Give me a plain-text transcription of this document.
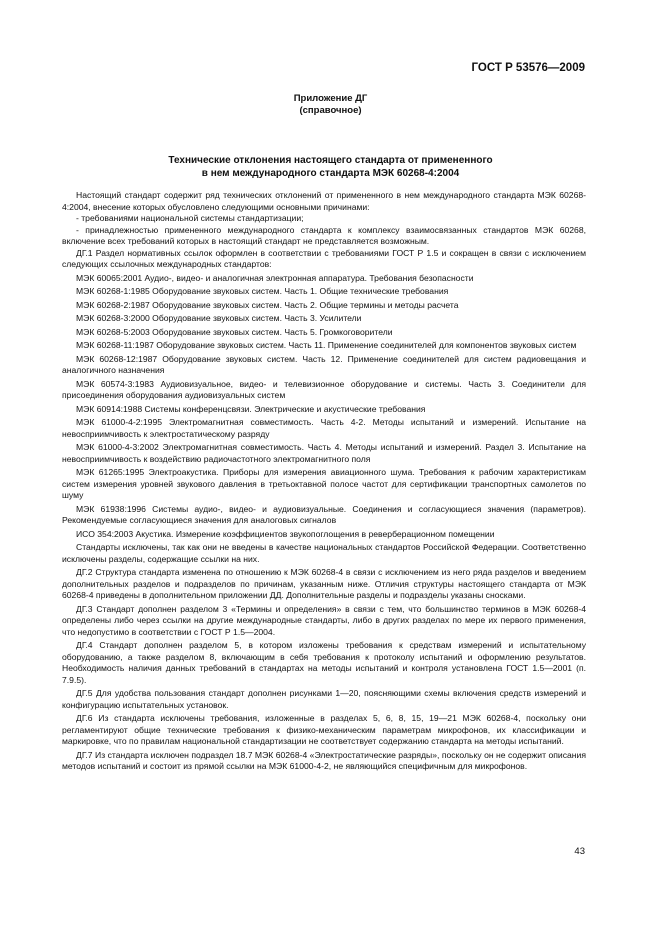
ГОСТ Р 53576—2009
Приложение ДГ
(справочное)
Технические отклонения настоящего стандарта от примененного
в нем международного стандарта МЭК 60268-4:2004

Настоящий стандарт содержит ряд технических отклонений от примененного в нем международного стандарта МЭК 60268-4:2004, внесение которых обусловлено следующими основными причинами:

- требованиями национальной системы стандартизации;

- принадлежностью примененного международного стандарта к комплексу взаимосвязанных стандартов МЭК 60268, включение всех требований которых в настоящий стандарт не представляется возможным.

ДГ.1 Раздел нормативных ссылок оформлен в соответствии с требованиями ГОСТ Р 1.5 и сокращен в связи с исключением следующих ссылочных международных стандартов:

МЭК 60065:2001 Аудио-, видео- и аналогичная электронная аппаратура. Требования безопасности

МЭК 60268-1:1985 Оборудование звуковых систем. Часть 1. Общие технические требования

МЭК 60268-2:1987 Оборудование звуковых систем. Часть 2. Общие термины и методы расчета

МЭК 60268-3:2000 Оборудование звуковых систем. Часть 3. Усилители

МЭК 60268-5:2003 Оборудование звуковых систем. Часть 5. Громкоговорители

МЭК 60268-11:1987 Оборудование звуковых систем. Часть 11. Применение соединителей для компонентов звуковых систем

МЭК 60268-12:1987 Оборудование звуковых систем. Часть 12. Применение соединителей для систем радиовещания и аналогичного назначения

МЭК 60574-3:1983 Аудиовизуальное, видео- и телевизионное оборудование и системы. Часть 3. Соединители для присоединения оборудования аудиовизуальных систем

МЭК 60914:1988 Системы конференцсвязи. Электрические и акустические требования

МЭК 61000-4-2:1995 Электромагнитная совместимость. Часть 4-2. Методы испытаний и измерений. Испытание на невосприимчивость к электростатическому разряду

МЭК 61000-4-3:2002 Электромагнитная совместимость. Часть 4. Методы испытаний и измерений. Раздел 3. Испытание на невосприимчивость к воздействию радиочастотного электромагнитного поля

МЭК 61265:1995 Электроакустика. Приборы для измерения авиационного шума. Требования к рабочим характеристикам систем измерения уровней звукового давления в третьоктавной полосе частот для сертификации транспортных самолетов по шуму

МЭК 61938:1996 Системы аудио-, видео- и аудиовизуальные. Соединения и согласующиеся значения (параметров). Рекомендуемые согласующиеся значения для аналоговых сигналов

ИСО 354:2003 Акустика. Измерение коэффициентов звукопоглощения в реверберационном помещении

Стандарты исключены, так как они не введены в качестве национальных стандартов Российской Федерации. Соответственно исключены разделы, содержащие ссылки на них.

ДГ.2 Структура стандарта изменена по отношению к МЭК 60268-4 в связи с исключением из него ряда разделов и введением дополнительных разделов и подразделов по причинам, указанным ниже. Отличия структуры настоящего стандарта от МЭК 60268-4 приведены в дополнительном приложении ДД. Дополнительные разделы и подразделы указаны сносками.

ДГ.3 Стандарт дополнен разделом 3 «Термины и определения» в связи с тем, что большинство терминов в МЭК 60268-4 определены либо через ссылки на другие международные стандарты, либо в других разделах по мере их первого применения, что недопустимо в соответствии с ГОСТ Р 1.5—2004.

ДГ.4 Стандарт дополнен разделом 5, в котором изложены требования к средствам измерений и испытательному оборудованию, а также разделом 8, включающим в себя требования к протоколу испытаний и оформлению результатов. Необходимость наличия данных требований в стандартах на методы испытаний и контроля установлена ГОСТ 1.5—2001 (п. 7.9.5).

ДГ.5 Для удобства пользования стандарт дополнен рисунками 1—20, поясняющими схемы включения средств измерений и конфигурацию испытательных установок.

ДГ.6 Из стандарта исключены требования, изложенные в разделах 5, 6, 8, 15, 19—21 МЭК 60268-4, поскольку они регламентируют общие технические требования к физико-механическим параметрам микрофонов, их классификации и маркировке, что по правилам национальной стандартизации не соответствует содержанию стандарта на методы испытаний.

ДГ.7 Из стандарта исключен подраздел 18.7 МЭК 60268-4 «Электростатические разряды», поскольку он не содержит описания методов испытаний и состоит из прямой ссылки на МЭК 61000-4-2, не являющийся специфичным для микрофонов.

43
